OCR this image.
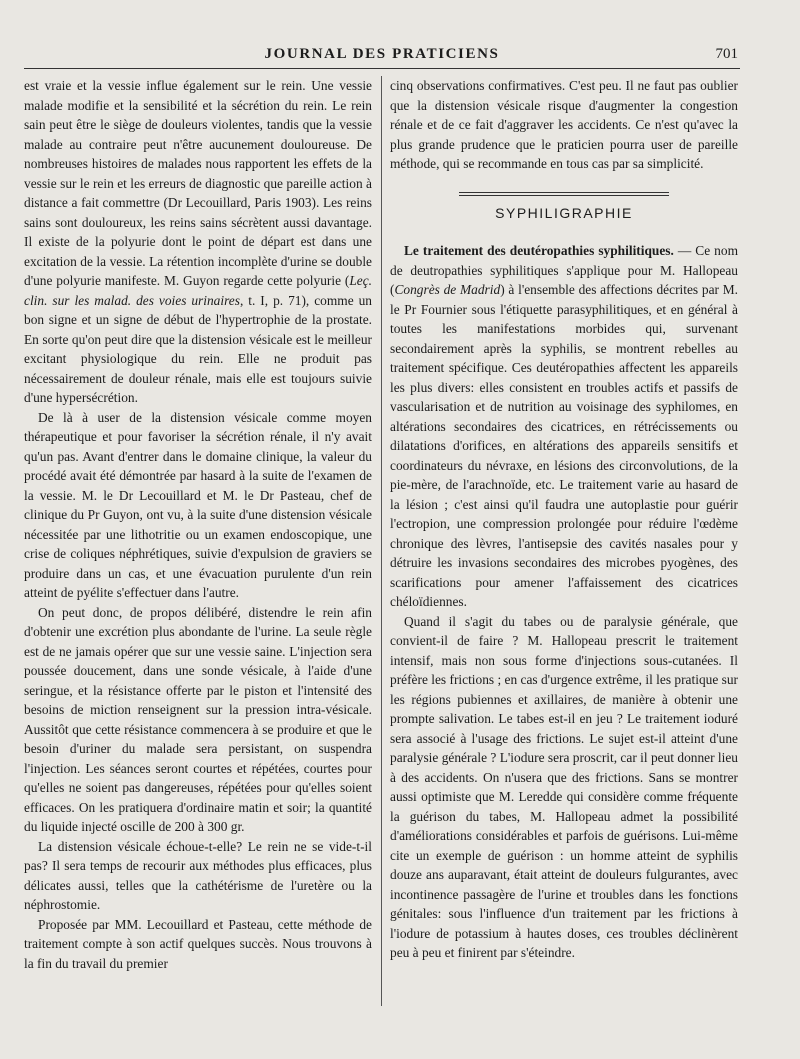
JOURNAL DES PRATICIENS	701

est vraie et la vessie influe également sur le rein. Une vessie malade modifie et la sensibilité et la sécrétion du rein. Le rein sain peut être le siège de douleurs violentes, tandis que la vessie malade au contraire peut n'être aucunement douloureuse. De nombreuses histoires de malades nous rapportent les effets de la vessie sur le rein et les erreurs de diagnostic que pareille action à distance a fait commettre (Dr Lecouillard, Paris 1903). Les reins sains sont douloureux, les reins sains sécrètent aussi davantage. Il existe de la polyurie dont le point de départ est dans une excitation de la vessie. La rétention incomplète d'urine se double d'une polyurie manifeste. M. Guyon regarde cette polyurie (Leç. clin. sur les malad. des voies urinaires, t. I, p. 71), comme un bon signe et un signe de début de l'hypertrophie de la prostate. En sorte qu'on peut dire que la distension vésicale est le meilleur excitant physiologique du rein. Elle ne produit pas nécessairement de douleur rénale, mais elle est toujours suivie d'une hypersécrétion.

De là à user de la distension vésicale comme moyen thérapeutique et pour favoriser la sécrétion rénale, il n'y avait qu'un pas. Avant d'entrer dans le domaine clinique, la valeur du procédé avait été démontrée par hasard à la suite de l'examen de la vessie. M. le Dr Lecouillard et M. le Dr Pasteau, chef de clinique du Pr Guyon, ont vu, à la suite d'une distension vésicale nécessitée par une lithotritie ou un examen endoscopique, une crise de coliques néphrétiques, suivie d'expulsion de graviers se produire dans un cas, et une évacuation purulente d'un rein atteint de pyélite s'effectuer dans l'autre.

On peut donc, de propos délibéré, distendre le rein afin d'obtenir une excrétion plus abondante de l'urine. La seule règle est de ne jamais opérer que sur une vessie saine. L'injection sera poussée doucement, dans une sonde vésicale, à l'aide d'une seringue, et la résistance offerte par le piston et l'intensité des besoins de miction renseignent sur la pression intra-vésicale. Aussitôt que cette résistance commencera à se produire et que le besoin d'uriner du malade sera persistant, on suspendra l'injection. Les séances seront courtes et répétées, courtes pour qu'elles ne soient pas dangereuses, répétées pour qu'elles soient efficaces. On les pratiquera d'ordinaire matin et soir; la quantité du liquide injecté oscille de 200 à 300 gr.

La distension vésicale échoue-t-elle? Le rein ne se vide-t-il pas? Il sera temps de recourir aux méthodes plus efficaces, plus délicates aussi, telles que la cathétérisme de l'uretère ou la néphrostomie.

Proposée par MM. Lecouillard et Pasteau, cette méthode de traitement compte à son actif quelques succès. Nous trouvons à la fin du travail du premier

cinq observations confirmatives. C'est peu. Il ne faut pas oublier que la distension vésicale risque d'augmenter la congestion rénale et de ce fait d'aggraver les accidents. Ce n'est qu'avec la plus grande prudence que le praticien pourra user de pareille méthode, qui se recommande en tous cas par sa simplicité.

SYPHILIGRAPHIE

Le traitement des deutéropathies syphilitiques. — Ce nom de deutropathies syphilitiques s'applique pour M. Hallopeau (Congrès de Madrid) à l'ensemble des affections décrites par M. le Pr Fournier sous l'étiquette parasyphilitiques, et en général à toutes les manifestations morbides qui, survenant secondairement après la syphilis, se montrent rebelles au traitement spécifique. Ces deutéropathies affectent les appareils les plus divers: elles consistent en troubles actifs et passifs de vascularisation et de nutrition au voisinage des syphilomes, en altérations secondaires des cicatrices, en rétrécissements ou dilatations d'orifices, en altérations des appareils sensitifs et coordinateurs du névraxe, en lésions des circonvolutions, de la pie-mère, de l'arachnoïde, etc. Le traitement varie au hasard de la lésion ; c'est ainsi qu'il faudra une autoplastie pour guérir l'ectropion, une compression prolongée pour réduire l'œdème chronique des lèvres, l'antisepsie des cavités nasales pour y détruire les invasions secondaires des microbes pyogènes, des scarifications pour amener l'affaissement des cicatrices chéloïdiennes.

Quand il s'agit du tabes ou de paralysie générale, que convient-il de faire ? M. Hallopeau prescrit le traitement intensif, mais non sous forme d'injections sous-cutanées. Il préfère les frictions ; en cas d'urgence extrême, il les pratique sur les régions pubiennes et axillaires, de manière à obtenir une prompte salivation. Le tabes est-il en jeu ? Le traitement ioduré sera associé à l'usage des frictions. Le sujet est-il atteint d'une paralysie générale ? L'iodure sera proscrit, car il peut donner lieu à des accidents. On n'usera que des frictions. Sans se montrer aussi optimiste que M. Leredde qui considère comme fréquente la guérison du tabes, M. Hallopeau admet la possibilité d'améliorations considérables et parfois de guérisons. Lui-même cite un exemple de guérison : un homme atteint de syphilis douze ans auparavant, était atteint de douleurs fulgurantes, avec incontinence passagère de l'urine et troubles dans les fonctions génitales: sous l'influence d'un traitement par les frictions à l'iodure de potassium à hautes doses, ces troubles déclinèrent peu à peu et finirent par s'éteindre.
